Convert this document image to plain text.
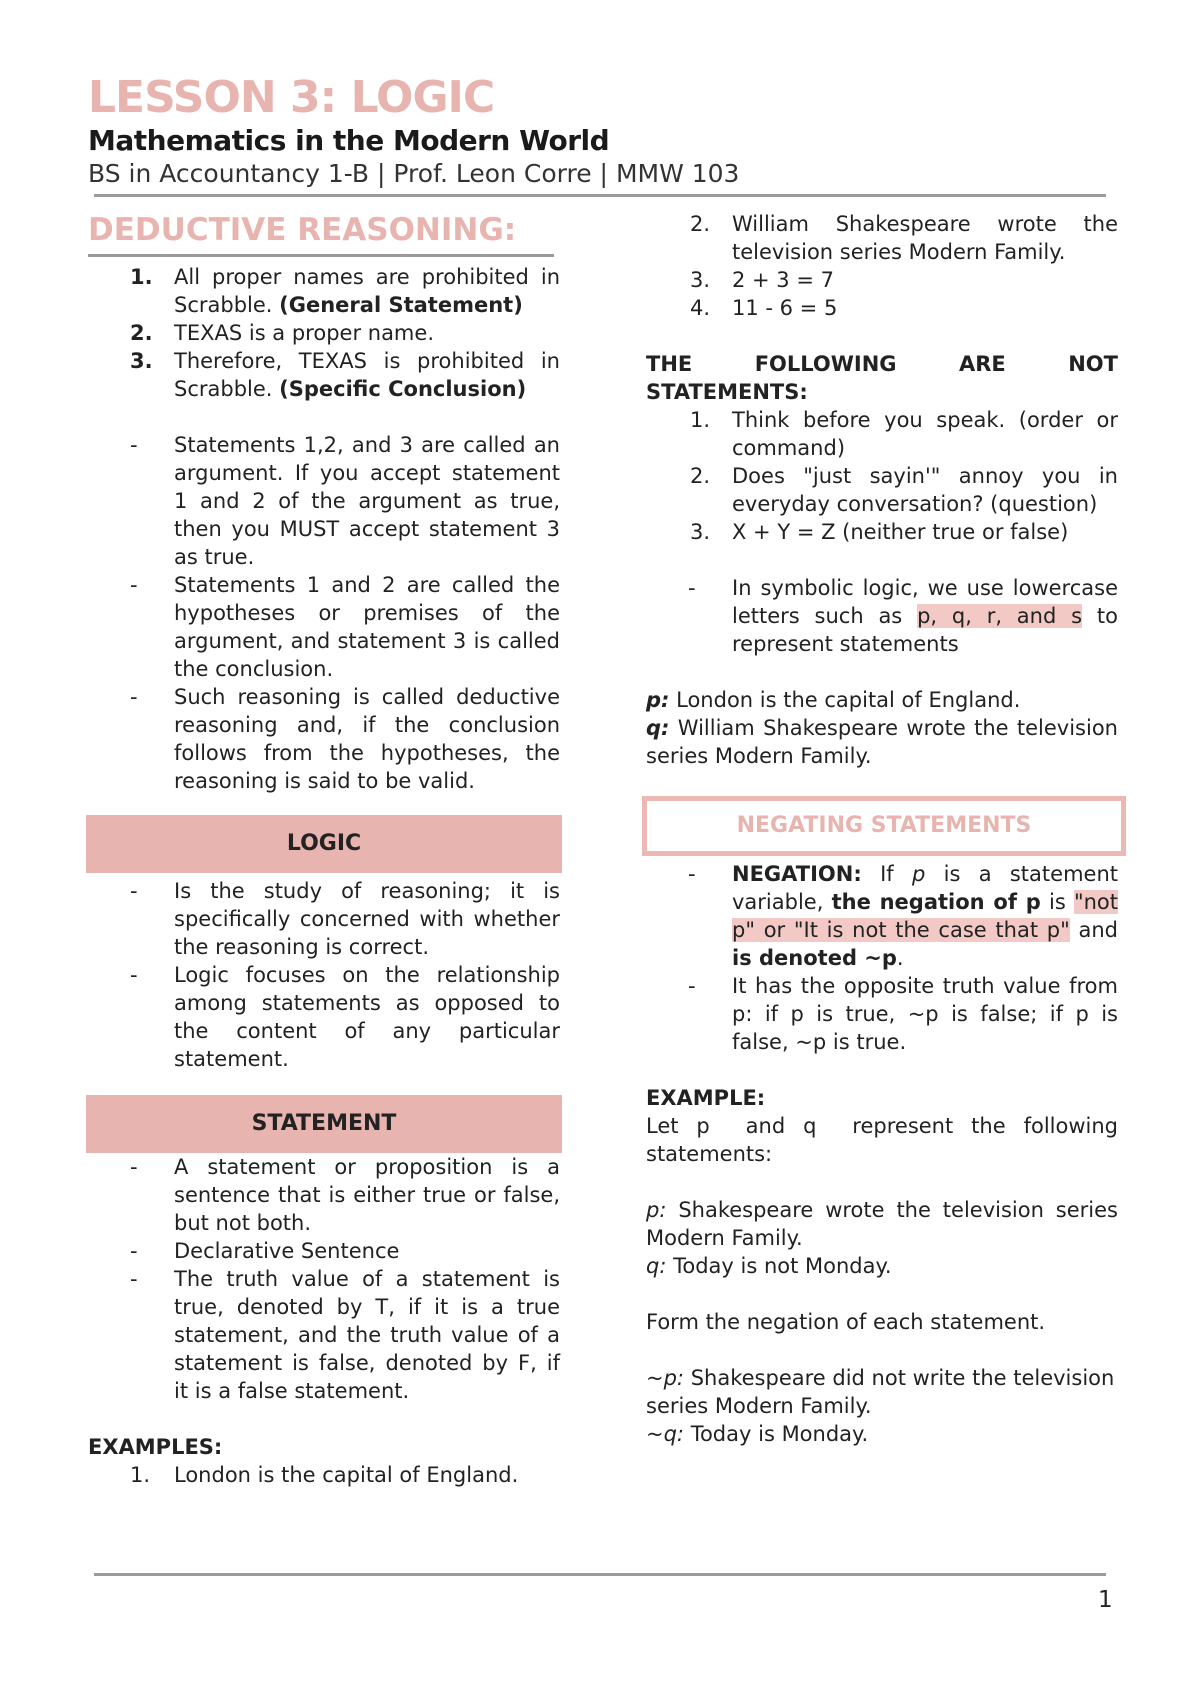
LESSON 3: LOGIC
Mathematics in the Modern World
BS in Accountancy 1-B | Prof. Leon Corre | MMW 103
DEDUCTIVE REASONING:
1. All proper names are prohibited in Scrabble. (General Statement)
2. TEXAS is a proper name.
3. Therefore, TEXAS is prohibited in Scrabble. (Specific Conclusion)
- Statements 1,2, and 3 are called an argument. If you accept statement 1 and 2 of the argument as true, then you MUST accept statement 3 as true.
- Statements 1 and 2 are called the hypotheses or premises of the argument, and statement 3 is called the conclusion.
- Such reasoning is called deductive reasoning and, if the conclusion follows from the hypotheses, the reasoning is said to be valid.
LOGIC
- Is the study of reasoning; it is specifically concerned with whether the reasoning is correct.
- Logic focuses on the relationship among statements as opposed to the content of any particular statement.
STATEMENT
- A statement or proposition is a sentence that is either true or false, but not both.
- Declarative Sentence
- The truth value of a statement is true, denoted by T, if it is a true statement, and the truth value of a statement is false, denoted by F, if it is a false statement.
EXAMPLES:
1. London is the capital of England.
2. William Shakespeare wrote the television series Modern Family.
3. 2 + 3 = 7
4. 11 - 6 = 5
THE	FOLLOWING	ARE	NOT
STATEMENTS:
1. Think before you speak. (order or command)
2. Does "just sayin'" annoy you in everyday conversation? (question)
3. X + Y = Z (neither true or false)
- In symbolic logic, we use lowercase letters such as p, q, r, and s to represent statements
p: London is the capital of England.
q: William Shakespeare wrote the television series Modern Family.
NEGATING STATEMENTS
- NEGATION: If p is a statement variable, the negation of p is "not p" or "It is not the case that p" and is denoted ~p.
- It has the opposite truth value from p: if p is true, ~p is false; if p is false, ~p is true.
EXAMPLE:
Let p  and q  represent the following statements:
p: Shakespeare wrote the television series Modern Family.
q: Today is not Monday.
Form the negation of each statement.
~p: Shakespeare did not write the television series Modern Family.
~q: Today is Monday.
1
